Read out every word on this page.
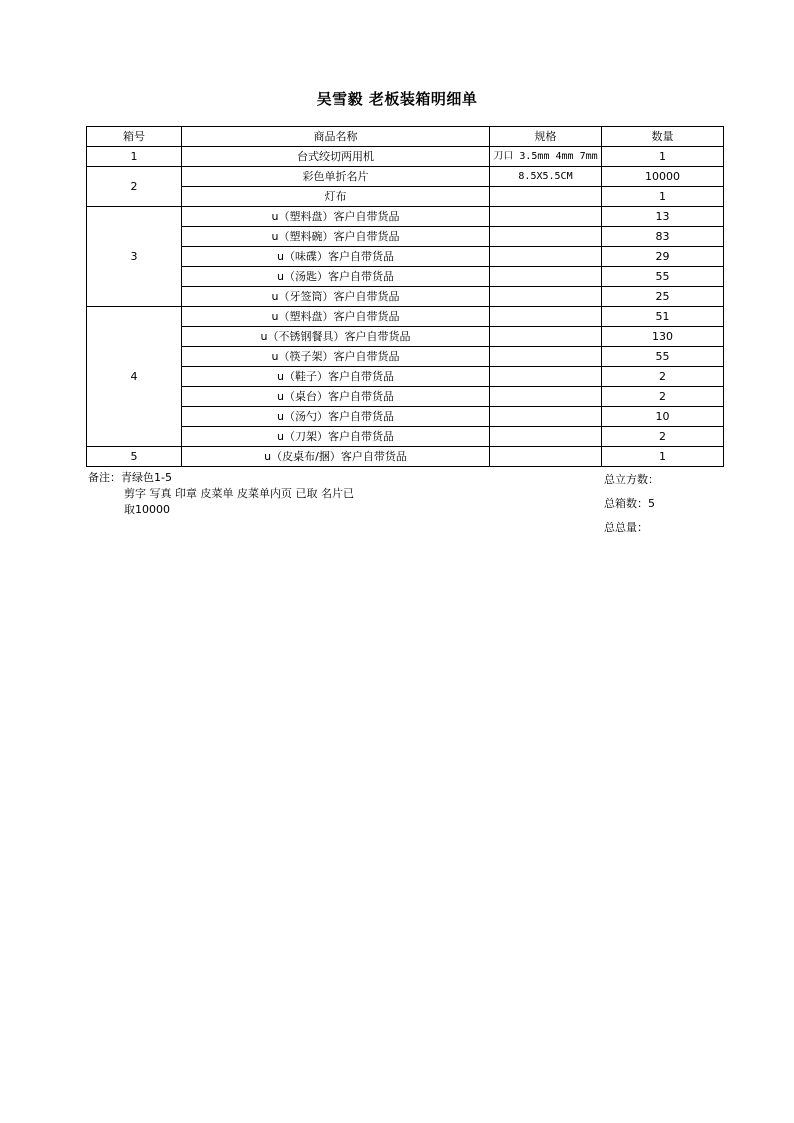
吴雪毅 老板装箱明细单
箱号	商品名称	规格	数量
1	台式绞切两用机	刀口 3.5mm 4mm 7mm	1
2	彩色单折名片	8.5X5.5CM	10000
	灯布		1
3	u（塑料盘）客户自带货品		13
	u（塑料碗）客户自带货品		83
	u（味碟）客户自带货品		29
	u（汤匙）客户自带货品		55
	u（牙签筒）客户自带货品		25
4	u（塑料盘）客户自带货品		51
	u（不锈钢餐具）客户自带货品		130
	u（筷子架）客户自带货品		55
	u（鞋子）客户自带货品		2
	u（桌台）客户自带货品		2
	u（汤勺）客户自带货品		10
	u（刀架）客户自带货品		2
5	u（皮桌布/捆）客户自带货品		1
备注：青绿色1-5
剪字 写真 印章 皮菜单 皮菜单内页 已取 名片已
取10000
总立方数：
总箱数：5
总总量：
